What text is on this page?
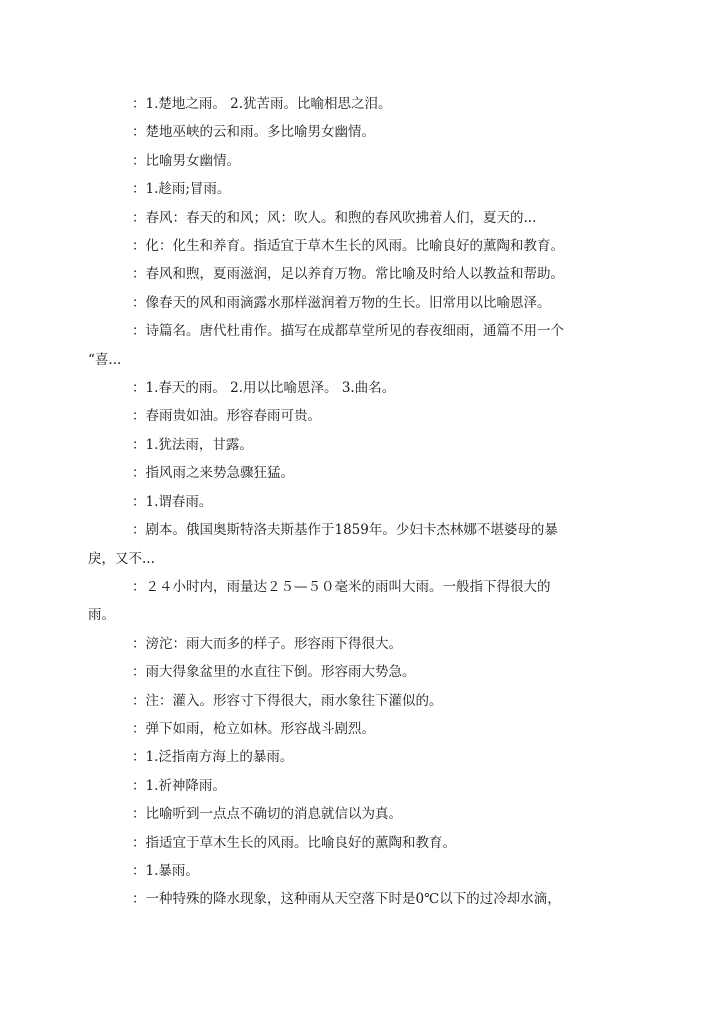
：1.楚地之雨。 2.犹苦雨。比喻相思之泪。

：楚地巫峡的云和雨。多比喻男女幽情。

：比喻男女幽情。

：1.趁雨;冒雨。

：春风：春天的和风；风：吹人。和煦的春风吹拂着人们，夏天的...

：化：化生和养育。指适宜于草木生长的风雨。比喻良好的薰陶和教育。

：春风和煦，夏雨滋润，足以养育万物。常比喻及时给人以教益和帮助。

：像春天的风和雨滴露水那样滋润着万物的生长。旧常用以比喻恩泽。

：诗篇名。唐代杜甫作。描写在成都草堂所见的春夜细雨，通篇不用一个
“喜...

：1.春天的雨。 2.用以比喻恩泽。 3.曲名。

：春雨贵如油。形容春雨可贵。

：1.犹法雨，甘露。

：指风雨之来势急骤狂猛。

：1.谓春雨。

：剧本。俄国奥斯特洛夫斯基作于1859年。少妇卡杰林娜不堪婆母的暴
戾，又不...

：２４小时内，雨量达２５—５０毫米的雨叫大雨。一般指下得很大的
雨。

：滂沱：雨大而多的样子。形容雨下得很大。

：雨大得象盆里的水直往下倒。形容雨大势急。

：注：灌入。形容寸下得很大，雨水象往下灌似的。

：弹下如雨，枪立如林。形容战斗剧烈。

：1.泛指南方海上的暴雨。

：1.祈神降雨。

：比喻听到一点点不确切的消息就信以为真。

：指适宜于草木生长的风雨。比喻良好的薰陶和教育。

：1.暴雨。

：一种特殊的降水现象，这种雨从天空落下时是0℃以下的过冷却水滴，
